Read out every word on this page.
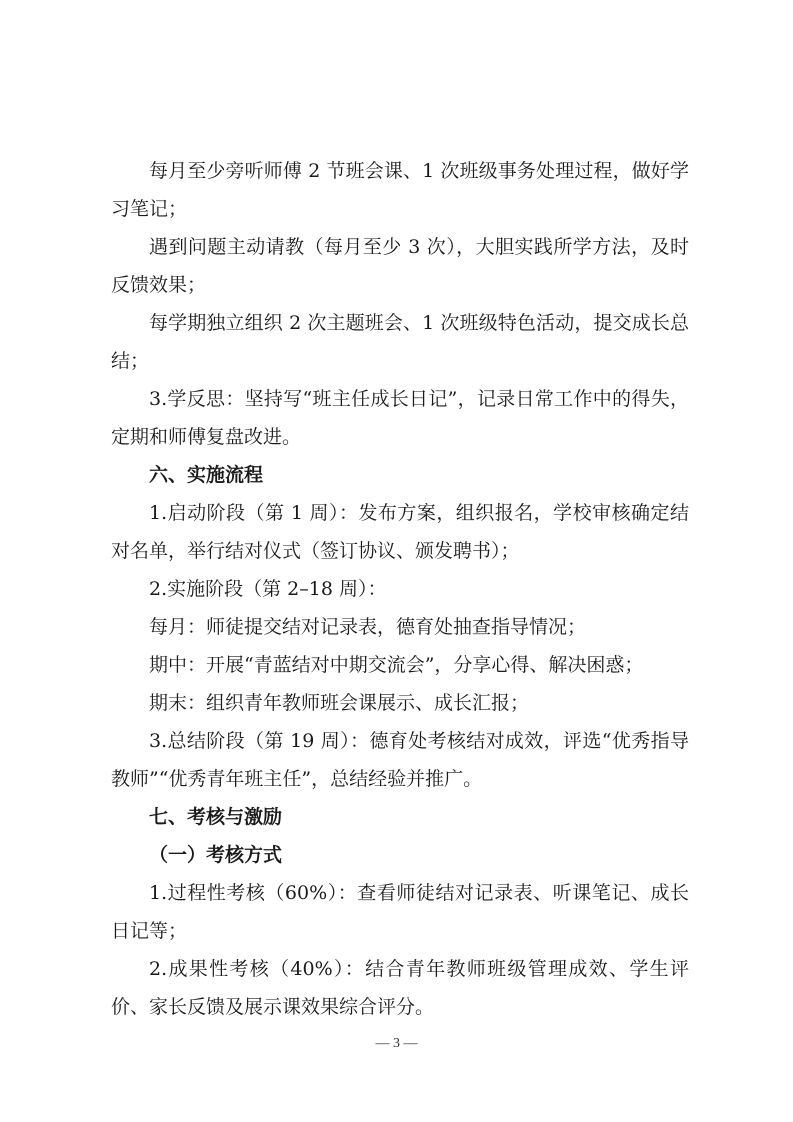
每月至少旁听师傅 2 节班会课、1 次班级事务处理过程，做好学习笔记；

遇到问题主动请教（每月至少 3 次），大胆实践所学方法，及时反馈效果；

每学期独立组织 2 次主题班会、1 次班级特色活动，提交成长总结；

3.学反思：坚持写“班主任成长日记”，记录日常工作中的得失，定期和师傅复盘改进。

六、实施流程

1.启动阶段（第 1 周）：发布方案，组织报名，学校审核确定结对名单，举行结对仪式（签订协议、颁发聘书）；

2.实施阶段（第 2–18 周）：

每月：师徒提交结对记录表，德育处抽查指导情况；

期中：开展“青蓝结对中期交流会”，分享心得、解决困惑；

期末：组织青年教师班会课展示、成长汇报；

3.总结阶段（第 19 周）：德育处考核结对成效，评选“优秀指导教师”“优秀青年班主任”，总结经验并推广。

七、考核与激励

（一）考核方式

1.过程性考核（60%）：查看师徒结对记录表、听课笔记、成长日记等；

2.成果性考核（40%）：结合青年教师班级管理成效、学生评价、家长反馈及展示课效果综合评分。

— 3 —
